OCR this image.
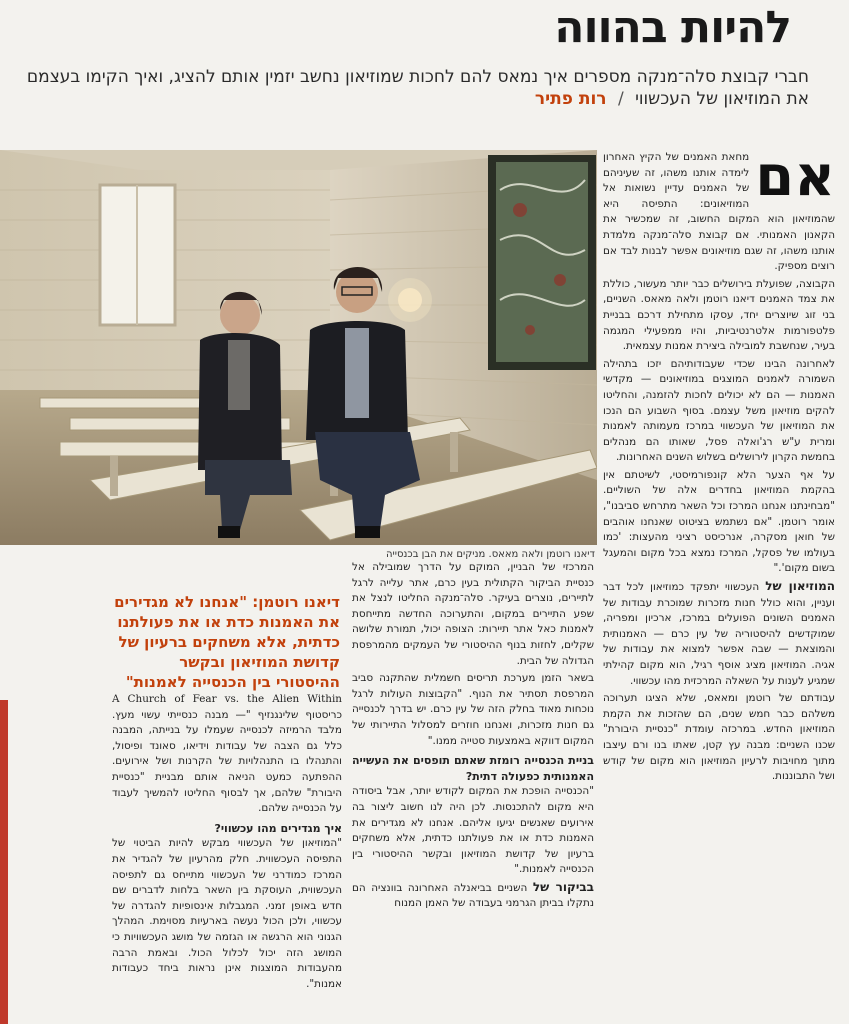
להיות בהווה
חברי קבוצת סלה־מנקה מספרים איך נמאס להם לחכות שמוזיאון נחשב יזמין אותם להציג, ואיך הקימו בעצמם את המוזיאון של העכשווי / רות פתיר
דיאנו רוטמן ולאה מאאס. מניקים את הבן בכנסייה
דיאנו רוטמן: "אנחנו לא מגדירים את האמנות כדת או את פעולתנו כדתית, אלא משחקים ברעיון של קדושת המוזיאון ובקשר ההיסטורי בין הכנסייה לאמנות"
אם

מחאת האמנים של הקיץ האחרון לימדה אותנו משהו, זה שעיניהם של האמנים עדיין נשואות אל המוזיאונים: התפיסה היא שהמוזיאון הוא המקום החשוב, זה שמכשיר את הקאנון האמנותי. אם קבוצת סלה־מנקה מלמדת אותנו משהו, זה שגם מוזיאונים אפשר לבנות לבד אם רוצים מספיק.

הקבוצה, שפועלת בירושלים כבר יותר מעשור, כוללת את צמד האמנים דיאנו רוטמן ולאה מאאס. השניים, בני זוג שיוצרים יחד, עסקו מתחילת דרכם בבניית פלטפורמות אלטרנטיביות, והיו ממפעילי המגמה בעיר, שנחשבת למובילה ביצירת אמנות עצמאית.

לאחרונה הבינו שכדי שעבודותיהם יזכו בתהילה השמורה לאמנים המוצגים במוזיאונים — מקדשי האמנות — הם לא יכולים לחכות להזמנה, והחליטו להקים מוזיאון משל עצמם. בסוף השבוע הם הנכו את המוזיאון של העכשווי במרכז מעמותה לאמנות ומרית ע"ש רג'ואלה פסל, שאותו הם מנהלים בחמשת הקרון לירושלים בשלוש השנים האחרונות.

על אף הצער הלא קונפורמיסטי, לשיטתם אין בהקמת המוזיאון בחדרים אלה של השוליים. "מבחינתנו אנחנו המרכז וכל השאר מתרחש סביבנו", אומר רוטמן. "אם נשתמש בציטוט שאנחנו אוהבים של חואן מסקרה, אנרכיסט רציני מהעצות: 'כמו בעולמו של פסקל, המרכז נמצא בכל מקום והמעגל בשום מקום'."

המוזיאון של העכשווי יתפקד כמוזיאון לכל דבר ועניין, והוא כולל חנות מזכרות שמוכרת עבודות של האמנים השונים הפועלים במרכז, ארכיון ומפריה, שמוקדשים להיסטוריה של עין כרם — האמנותית והמוצאת — שבה אפשר למצוא את עבודות של אגיה. המוזיאון מציג אוסף רגיל, הוא מקום קהילתי שמגיע לענות על השאלה המרכזית מהו עכשווי.

עבודתם של רוטמן ומאאס, שלא הציגו תערוכה משלהם כבר חמש שנים, הם שהזכות את הקמת המוזיאון החדש. במרכזה עומדת "כנסיית היבורת" שכנו השניים: מבנה עץ קטן, שאתו בנו ורם עיצבו מתוך מחויבות לרעיון המוזיאון הוא מקום של קודש ושל התבוננות.

המרכזי של הבניין, המוקם על הדרך שמובילה אל כנסיית הביקור הקתולית בעין כרם, אתר עלייה לרגל לתיירים, נוצרים בעיקר. סלה־מנקה החליטו לנצל את שפע התיירים במקום, והתערוכה החדשה מתייחסת לאמנות כאל אתר תיירות: הצופה יכול, תמורת שלושה שקלים, לחזות בנוף ההיסטורי של העמקים מהמרפסת הגדולה של הבית.

בשאר הזמן מערכת תריסים חשמלית שהתקנה סביב המרפסת תסתיר את הנוף. "הקבוצות העולות לרגל נוכחות מאוד בחלק הזה של עין כרם. יש בדרך לכנסייה גם חנות מזכרות, ואנחנו חוזרים למסלול התיירותי של המקום דווקא באמצעות סטייה ממנו."

בניית הכנסייה רומזת שאתם תופסים את העשייה האמנותית כפעולה דתית?

"הכנסייה הופכת את המקום לקודש יותר, אבל ביסודה היא מקום להתכנסות. לכן היה לנו חשוב ליצור בה אירועים שאנשים יגיעו אליהם. אנחנו לא מגדירים את האמנות כדת או את פעולתנו כדתית, אלא משחקים ברעיון של קדושת המוזיאון ובקשר ההיסטורי בין הכנסייה לאמנות."

בביקור של השניים בביאנלה האחרונה בוונציה הם נתקלו בביתן הגרמני בעבודה של האמן המנוח

A Church of Fear vs. the Alien Within כריסטוף שלינגנזיף "— מבנה כנסייתי עשוי מעץ. מלבד הרמיזה לכנסייה שעמלו על בנייתה, המבנה כלל גם הצבה של עבודות וידיאו, סאונד ופיסול, והתנהלו בו התנהלויות של הקרנות ושל אירועים. ההפתעה כמעט הניאה אותם מבניית "כנסיית היבורת" שלהם, אך לבסוף החליטו להמשיך לעבוד על הכנסייה שלהם.

איך מגדירים מהו עכשווי?

"המוזיאון של העכשווי מבקש להיות הביטוי של התפיסה העכשווית. חלק מהרעיון של להגדיר את המרכז כמודרני של העכשווי מתייחס גם לתפיסה העכשווית, העוסקת בין השאר בלחות לדברים שם חדש באופן זמני. המגבלות אינסופיות להגדרה של עכשווי, ולכן הכול נעשה בארעיות מסוימת. המהלך הגנוני הוא הרגשה או הגזמה של מושג העכשוויות כי המושג הזה יכול לכלול הכול. ובאמת הרבה מהעבודות המוצגות אינן נראות ביחד כעבודות אמנות".
